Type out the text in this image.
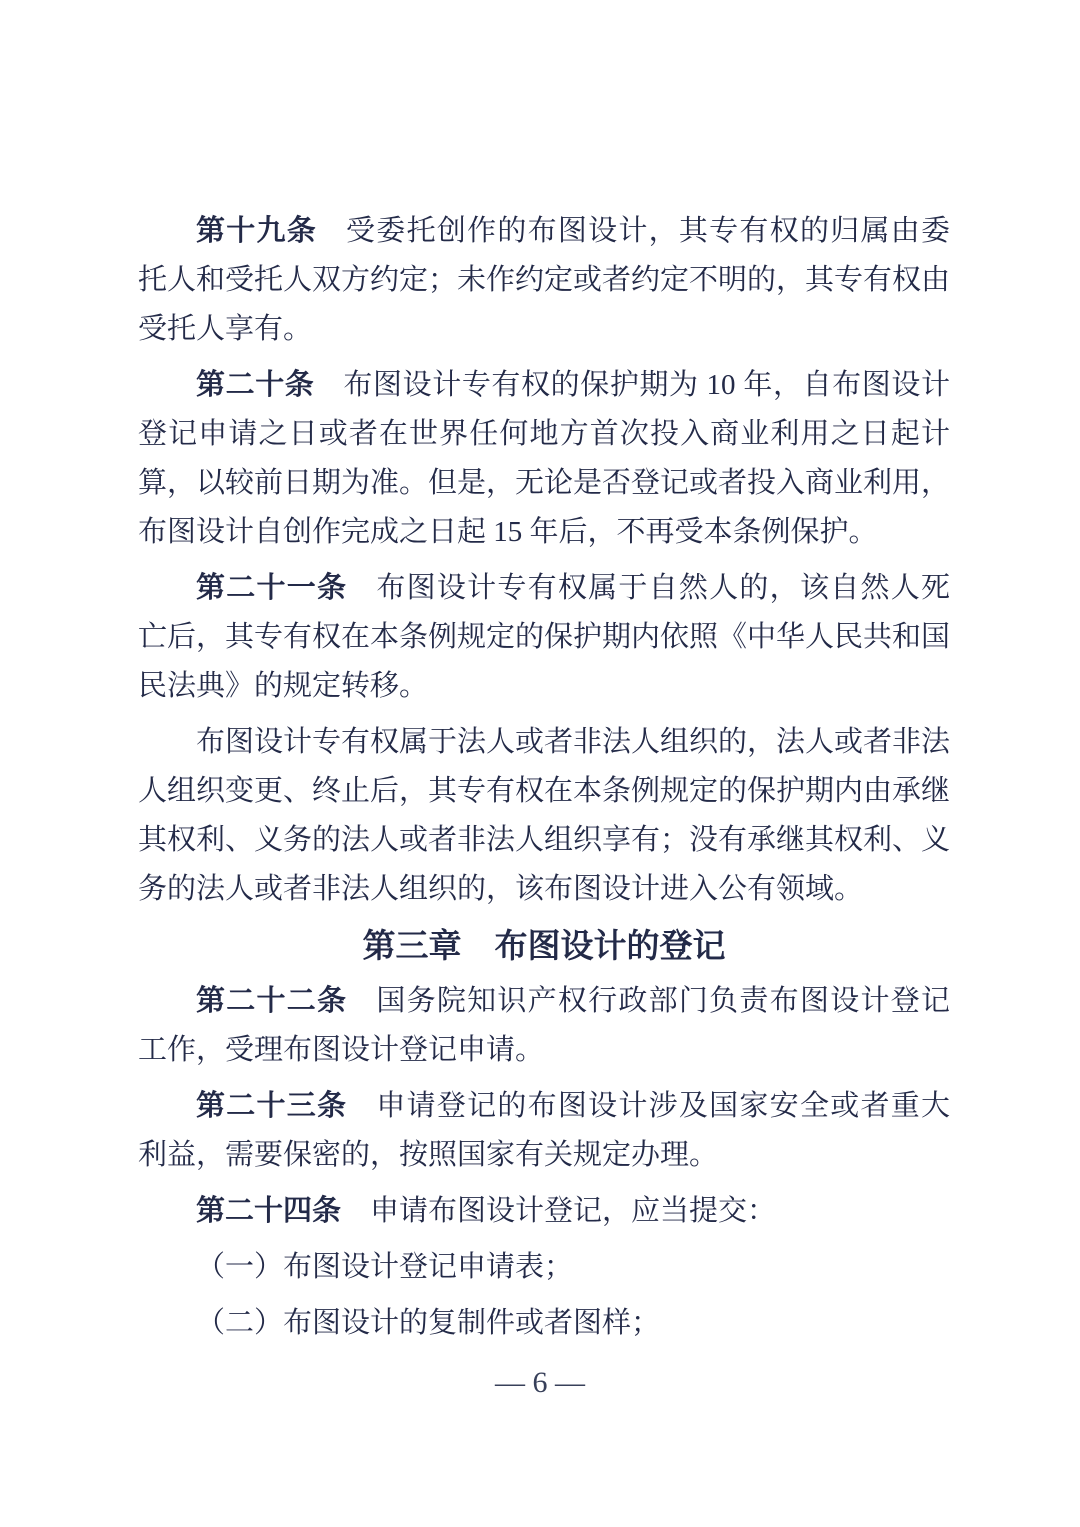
第十九条 受委托创作的布图设计，其专有权的归属由委托人和受托人双方约定；未作约定或者约定不明的，其专有权由受托人享有。

第二十条 布图设计专有权的保护期为 10 年，自布图设计登记申请之日或者在世界任何地方首次投入商业利用之日起计算，以较前日期为准。但是，无论是否登记或者投入商业利用，布图设计自创作完成之日起 15 年后，不再受本条例保护。

第二十一条 布图设计专有权属于自然人的，该自然人死亡后，其专有权在本条例规定的保护期内依照《中华人民共和国民法典》的规定转移。

布图设计专有权属于法人或者非法人组织的，法人或者非法人组织变更、终止后，其专有权在本条例规定的保护期内由承继其权利、义务的法人或者非法人组织享有；没有承继其权利、义务的法人或者非法人组织的，该布图设计进入公有领域。

第三章　布图设计的登记

第二十二条 国务院知识产权行政部门负责布图设计登记工作，受理布图设计登记申请。

第二十三条 申请登记的布图设计涉及国家安全或者重大利益，需要保密的，按照国家有关规定办理。

第二十四条 申请布图设计登记，应当提交：

（一）布图设计登记申请表；

（二）布图设计的复制件或者图样；

— 6 —
